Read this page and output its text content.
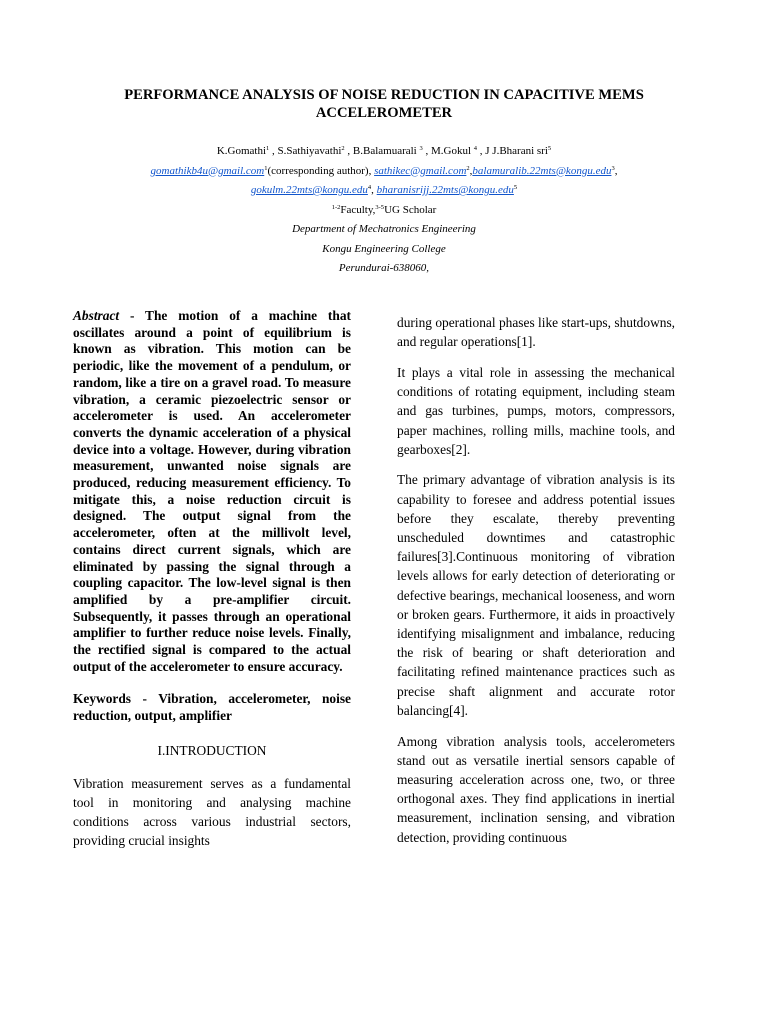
PERFORMANCE ANALYSIS OF NOISE REDUCTION IN CAPACITIVE MEMS ACCELEROMETER
K.Gomathi$^1$ , S.Sathiyavathi$^2$ , B.Balamuarali $^3$ , M.Gokul $^4$ , J J.Bharani sri$^5$
gomathikb4u@gmail.com$^1$(corresponding author), sathikec@gmail.com$^2$,balamuralib.22mts@kongu.edu$^3$,
gokulm.22mts@kongu.edu$^4$, bharanisrijj.22mts@kongu.edu$^5$
$^{1-2}$Faculty,$^{3-5}$UG Scholar
Department of Mechatronics Engineering
Kongu Engineering College
Perundurai-638060,

Abstract - The motion of a machine that oscillates around a point of equilibrium is known as vibration. This motion can be periodic, like the movement of a pendulum, or random, like a tire on a gravel road. To measure vibration, a ceramic piezoelectric sensor or accelerometer is used. An accelerometer converts the dynamic acceleration of a physical device into a voltage. However, during vibration measurement, unwanted noise signals are produced, reducing measurement efficiency. To mitigate this, a noise reduction circuit is designed. The output signal from the accelerometer, often at the millivolt level, contains direct current signals, which are eliminated by passing the signal through a coupling capacitor. The low-level signal is then amplified by a pre-amplifier circuit. Subsequently, it passes through an operational amplifier to further reduce noise levels. Finally, the rectified signal is compared to the actual output of the accelerometer to ensure accuracy.

Keywords - Vibration, accelerometer, noise reduction, output, amplifier
I.INTRODUCTION

Vibration measurement serves as a fundamental tool in monitoring and analysing machine conditions across various industrial sectors, providing crucial insights

during operational phases like start-ups, shutdowns, and regular operations[1].

It plays a vital role in assessing the mechanical conditions of rotating equipment, including steam and gas turbines, pumps, motors, compressors, paper machines, rolling mills, machine tools, and gearboxes[2].

The primary advantage of vibration analysis is its capability to foresee and address potential issues before they escalate, thereby preventing unscheduled downtimes and catastrophic failures[3].Continuous monitoring of vibration levels allows for early detection of deteriorating or defective bearings, mechanical looseness, and worn or broken gears. Furthermore, it aids in proactively identifying misalignment and imbalance, reducing the risk of bearing or shaft deterioration and facilitating refined maintenance practices such as precise shaft alignment and accurate rotor balancing[4].

Among vibration analysis tools, accelerometers stand out as versatile inertial sensors capable of measuring acceleration across one, two, or three orthogonal axes. They find applications in inertial measurement, inclination sensing, and vibration detection, providing continuous
